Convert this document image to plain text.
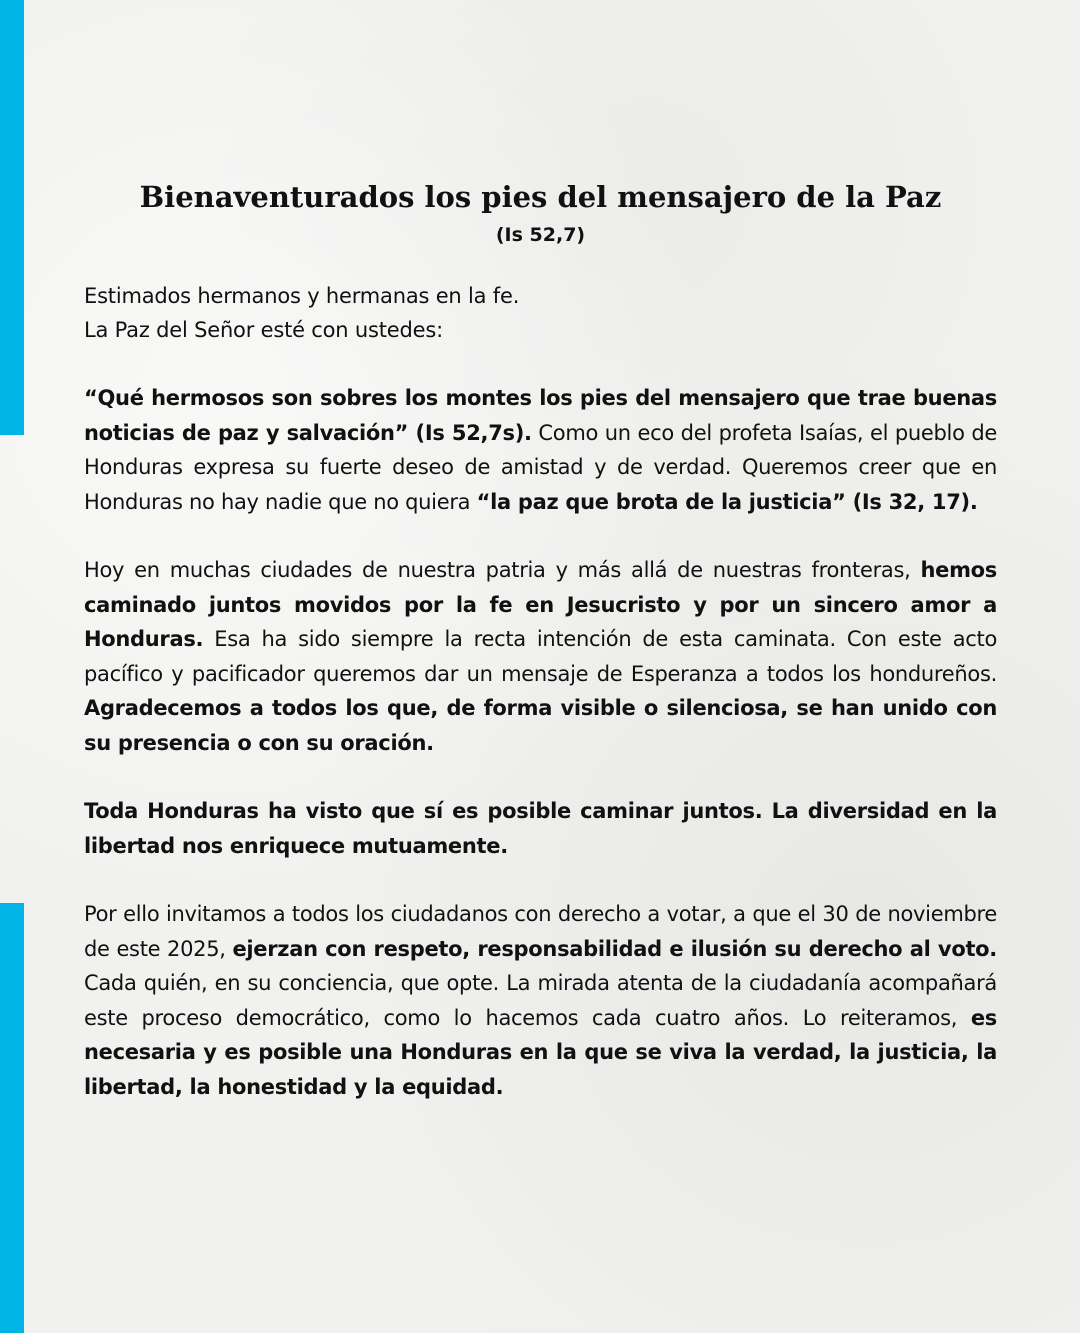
Bienaventurados los pies del mensajero de la Paz
(Is 52,7)
Estimados hermanos y hermanas en la fe.
La Paz del Señor esté con ustedes:

“Qué hermosos son sobres los montes los pies del mensajero que trae buenas noticias de paz y salvación” (Is 52,7s). Como un eco del profeta Isaías, el pueblo de Honduras expresa su fuerte deseo de amistad y de verdad. Queremos creer que en Honduras no hay nadie que no quiera “la paz que brota de la justicia” (Is 32, 17).

Hoy en muchas ciudades de nuestra patria y más allá de nuestras fronteras, hemos caminado juntos movidos por la fe en Jesucristo y por un sincero amor a Honduras. Esa ha sido siempre la recta intención de esta caminata. Con este acto pacífico y pacificador queremos dar un mensaje de Esperanza a todos los hondureños. Agradecemos a todos los que, de forma visible o silenciosa, se han unido con su presencia o con su oración.

Toda Honduras ha visto que sí es posible caminar juntos. La diversidad en la libertad nos enriquece mutuamente.

Por ello invitamos a todos los ciudadanos con derecho a votar, a que el 30 de noviembre de este 2025, ejerzan con respeto, responsabilidad e ilusión su derecho al voto. Cada quién, en su conciencia, que opte. La mirada atenta de la ciudadanía acompañará este proceso democrático, como lo hacemos cada cuatro años. Lo reiteramos, es necesaria y es posible una Honduras en la que se viva la verdad, la justicia, la libertad, la honestidad y la equidad.
